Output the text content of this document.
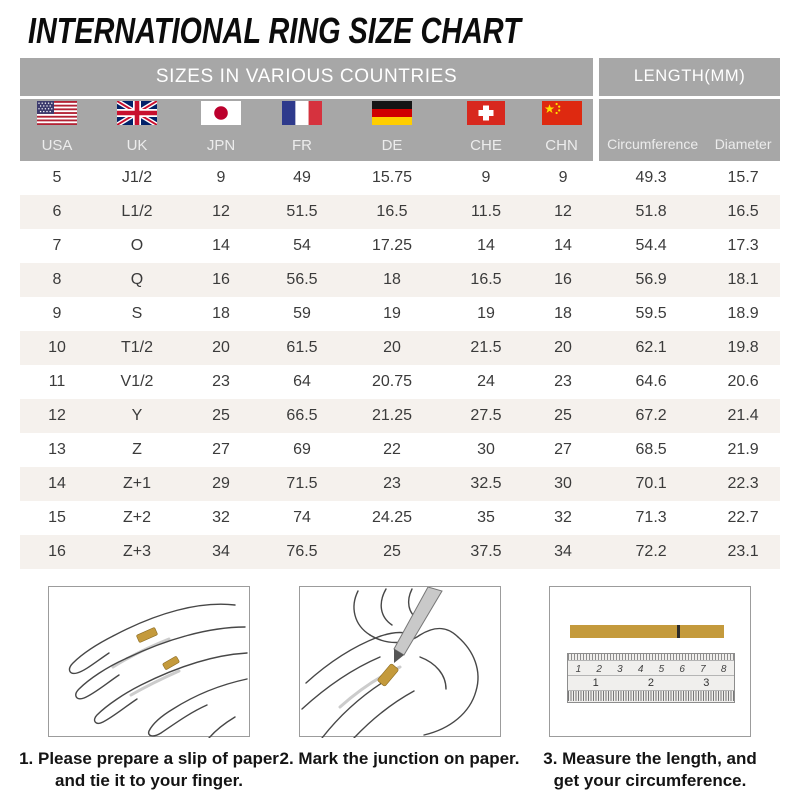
INTERNATIONAL RING SIZE CHART
SIZES IN VARIOUS COUNTRIES							LENGTH(MM)	

USA	UK	JPN	FR	DE	CHE	CHN	Circumference	Diameter
5	J1/2	9	49	15.75	9	9	49.3	15.7
6	L1/2	12	51.5	16.5	11.5	12	51.8	16.5
7	O	14	54	17.25	14	14	54.4	17.3
8	Q	16	56.5	18	16.5	16	56.9	18.1
9	S	18	59	19	19	18	59.5	18.9
10	T1/2	20	61.5	20	21.5	20	62.1	19.8
11	V1/2	23	64	20.75	24	23	64.6	20.6
12	Y	25	66.5	21.25	27.5	25	67.2	21.4
13	Z	27	69	22	30	27	68.5	21.9
14	Z+1	29	71.5	23	32.5	30	70.1	22.3
15	Z+2	32	74	24.25	35	32	71.3	22.7
16	Z+3	34	76.5	25	37.5	34	72.2	23.1
1. Please prepare a slip of paper
and tie it to your finger.
2. Mark the junction on paper.
1 2 3 4 5 6 7 8
1	2	3
3. Measure the length, and
get your circumference.
